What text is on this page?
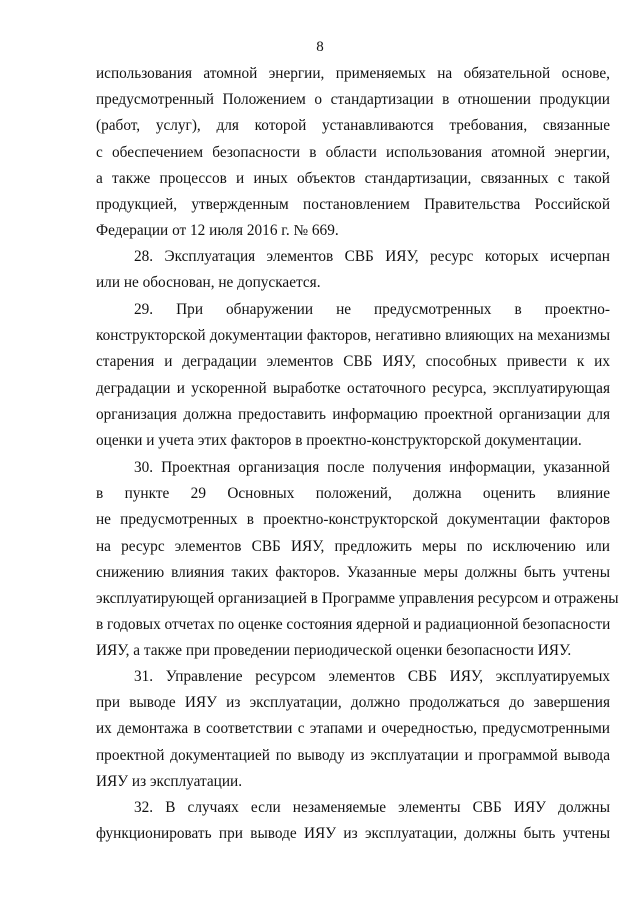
8
использования атомной энергии, применяемых на обязательной основе,
предусмотренный Положением о стандартизации в отношении продукции
(работ, услуг), для которой устанавливаются требования, связанные
с обеспечением безопасности в области использования атомной энергии,
а также процессов и иных объектов стандартизации, связанных с такой
продукцией, утвержденным постановлением Правительства Российской
Федерации от 12 июля 2016 г. № 669.
28. Эксплуатация элементов СВБ ИЯУ, ресурс которых исчерпан
или не обоснован, не допускается.
29. При обнаружении не предусмотренных в проектно-
конструкторской документации факторов, негативно влияющих на механизмы
старения и деградации элементов СВБ ИЯУ, способных привести к их
деградации и ускоренной выработке остаточного ресурса, эксплуатирующая
организация должна предоставить информацию проектной организации для
оценки и учета этих факторов в проектно-конструкторской документации.
30. Проектная организация после получения информации, указанной
в пункте 29 Основных положений, должна оценить влияние
не предусмотренных в проектно-конструкторской документации факторов
на ресурс элементов СВБ ИЯУ, предложить меры по исключению или
снижению влияния таких факторов. Указанные меры должны быть учтены
эксплуатирующей организацией в Программе управления ресурсом и отражены
в годовых отчетах по оценке состояния ядерной и радиационной безопасности
ИЯУ, а также при проведении периодической оценки безопасности ИЯУ.
31. Управление ресурсом элементов СВБ ИЯУ, эксплуатируемых
при выводе ИЯУ из эксплуатации, должно продолжаться до завершения
их демонтажа в соответствии с этапами и очередностью, предусмотренными
проектной документацией по выводу из эксплуатации и программой вывода
ИЯУ из эксплуатации.
32. В случаях если незаменяемые элементы СВБ ИЯУ должны
функционировать при выводе ИЯУ из эксплуатации, должны быть учтены
